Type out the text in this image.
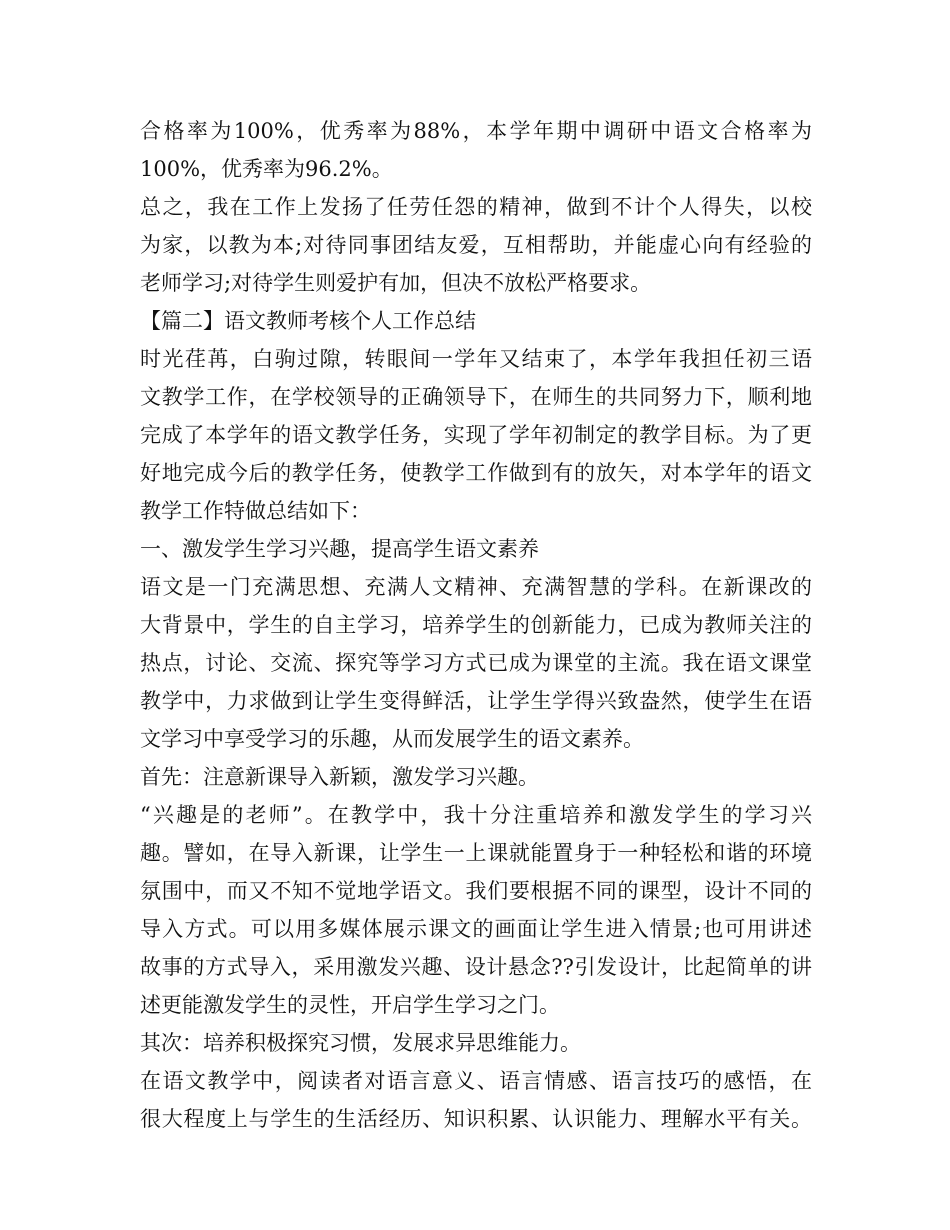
合格率为100%，优秀率为88%，本学年期中调研中语文合格率为
100%，优秀率为96.2%。
总之，我在工作上发扬了任劳任怨的精神，做到不计个人得失，以校
为家，以教为本;对待同事团结友爱，互相帮助，并能虚心向有经验的
老师学习;对待学生则爱护有加，但决不放松严格要求。
【篇二】语文教师考核个人工作总结
时光荏苒，白驹过隙，转眼间一学年又结束了，本学年我担任初三语
文教学工作，在学校领导的正确领导下，在师生的共同努力下，顺利地
完成了本学年的语文教学任务，实现了学年初制定的教学目标。为了更
好地完成今后的教学任务，使教学工作做到有的放矢，对本学年的语文
教学工作特做总结如下：
一、激发学生学习兴趣，提高学生语文素养
语文是一门充满思想、充满人文精神、充满智慧的学科。在新课改的
大背景中，学生的自主学习，培养学生的创新能力，已成为教师关注的
热点，讨论、交流、探究等学习方式已成为课堂的主流。我在语文课堂
教学中，力求做到让学生变得鲜活，让学生学得兴致盎然，使学生在语
文学习中享受学习的乐趣，从而发展学生的语文素养。
首先：注意新课导入新颖，激发学习兴趣。
“兴趣是的老师”。在教学中，我十分注重培养和激发学生的学习兴
趣。譬如，在导入新课，让学生一上课就能置身于一种轻松和谐的环境
氛围中，而又不知不觉地学语文。我们要根据不同的课型，设计不同的
导入方式。可以用多媒体展示课文的画面让学生进入情景;也可用讲述
故事的方式导入，采用激发兴趣、设计悬念??引发设计，比起简单的讲
述更能激发学生的灵性，开启学生学习之门。
其次：培养积极探究习惯，发展求异思维能力。
在语文教学中，阅读者对语言意义、语言情感、语言技巧的感悟，在
很大程度上与学生的生活经历、知识积累、认识能力、理解水平有关。
